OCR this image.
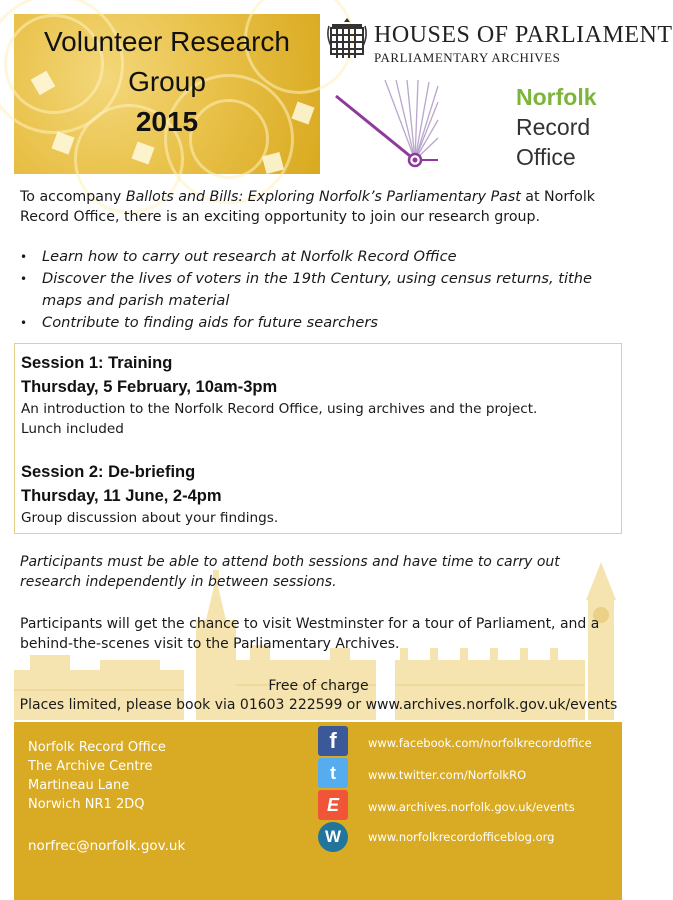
Volunteer Research
Group
2015
HOUSES OF PARLIAMENT
PARLIAMENTARY ARCHIVES
Norfolk
Record
Office

To accompany Ballots and Bills: Exploring Norfolk’s Parliamentary Past at Norfolk Record Office, there is an exciting opportunity to join our research group.

• Learn how to carry out research at Norfolk Record Office
• Discover the lives of voters in the 19th Century, using census returns, tithe maps and parish material
• Contribute to finding aids for future searchers
Session 1: Training
Thursday, 5 February, 10am-3pm

An introduction to the Norfolk Record Office, using archives and the project.

Lunch included

Session 2: De-briefing
Thursday, 11 June, 2-4pm

Group discussion about your findings.

Participants must be able to attend both sessions and have time to carry out research independently in between sessions.

Participants will get the chance to visit Westminster for a tour of Parliament, and a behind-the-scenes visit to the Parliamentary Archives.

Free of charge

Places limited, please book via 01603 222599 or www.archives.norfolk.gov.uk/events

Norfolk Record Office
The Archive Centre
Martineau Lane
Norwich NR1 2DQ
norfrec@norfolk.gov.uk
f	www.facebook.com/norfolkrecordoffice
t	www.twitter.com/NorfolkRO
E	www.archives.norfolk.gov.uk/events
W	www.norfolkrecordofficeblog.org
